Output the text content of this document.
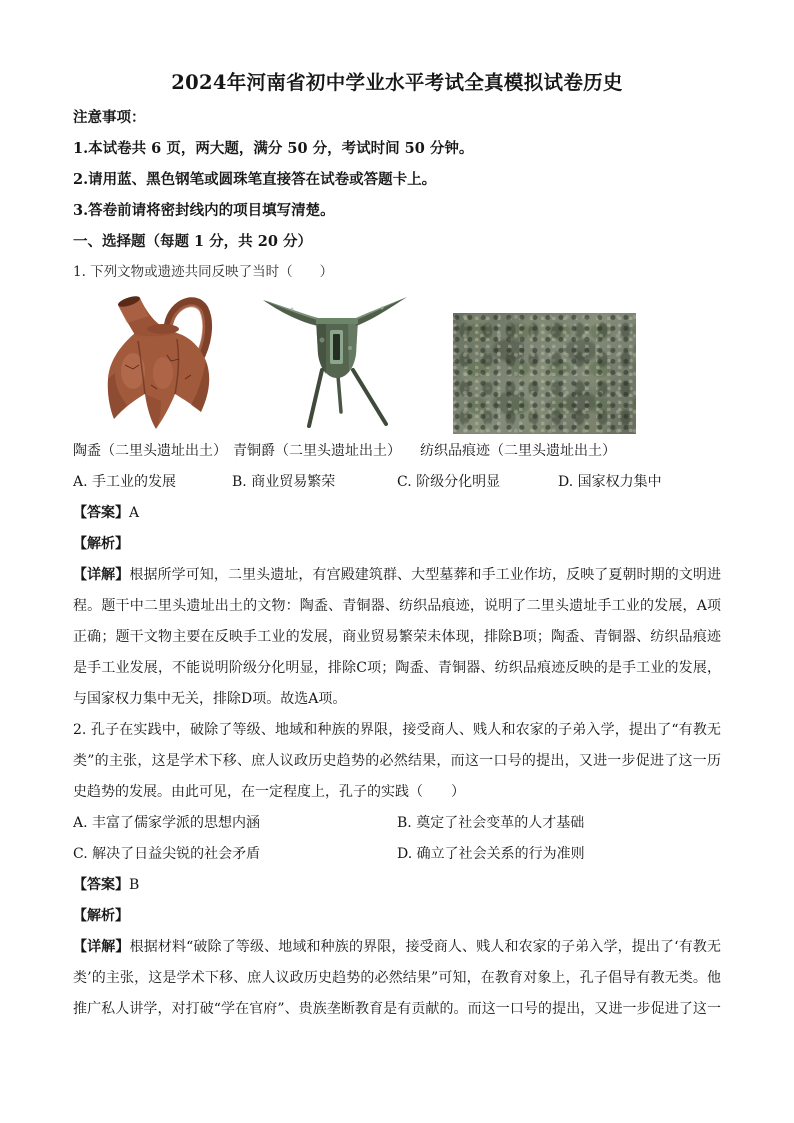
2024年河南省初中学业水平考试全真模拟试卷历史
注意事项：
1.本试卷共 6 页，两大题，满分 50 分，考试时间 50 分钟。
2.请用蓝、黑色钢笔或圆珠笔直接答在试卷或答题卡上。
3.答卷前请将密封线内的项目填写清楚。
一、选择题（每题 1 分，共 20 分）
1. 下列文物或遗迹共同反映了当时（　　）
陶盉（二里头遗址出土） 青铜爵（二里头遗址出土） 纺织品痕迹（二里头遗址出土）
A. 手工业的发展	B. 商业贸易繁荣	C. 阶级分化明显	D. 国家权力集中
【答案】A
【解析】
【详解】根据所学可知，二里头遗址，有宫殿建筑群、大型墓葬和手工业作坊，反映了夏朝时期的文明进
程。题干中二里头遗址出土的文物：陶盉、青铜器、纺织品痕迹，说明了二里头遗址手工业的发展，A项
正确；题干文物主要在反映手工业的发展，商业贸易繁荣未体现，排除B项；陶盉、青铜器、纺织品痕迹
是手工业发展，不能说明阶级分化明显，排除C项；陶盉、青铜器、纺织品痕迹反映的是手工业的发展，
与国家权力集中无关，排除D项。故选A项。
2. 孔子在实践中，破除了等级、地域和种族的界限，接受商人、贱人和农家的子弟入学，提出了“有教无
类”的主张，这是学术下移、庶人议政历史趋势的必然结果，而这一口号的提出，又进一步促进了这一历
史趋势的发展。由此可见，在一定程度上，孔子的实践（　　）
A. 丰富了儒家学派的思想内涵	B. 奠定了社会变革的人才基础
C. 解决了日益尖锐的社会矛盾	D. 确立了社会关系的行为准则
【答案】B
【解析】
【详解】根据材料“破除了等级、地域和种族的界限，接受商人、贱人和农家的子弟入学，提出了‘有教无
类’的主张，这是学术下移、庶人议政历史趋势的必然结果”可知，在教育对象上，孔子倡导有教无类。他
推广私人讲学，对打破“学在官府”、贵族垄断教育是有贡献的。而这一口号的提出，又进一步促进了这一
